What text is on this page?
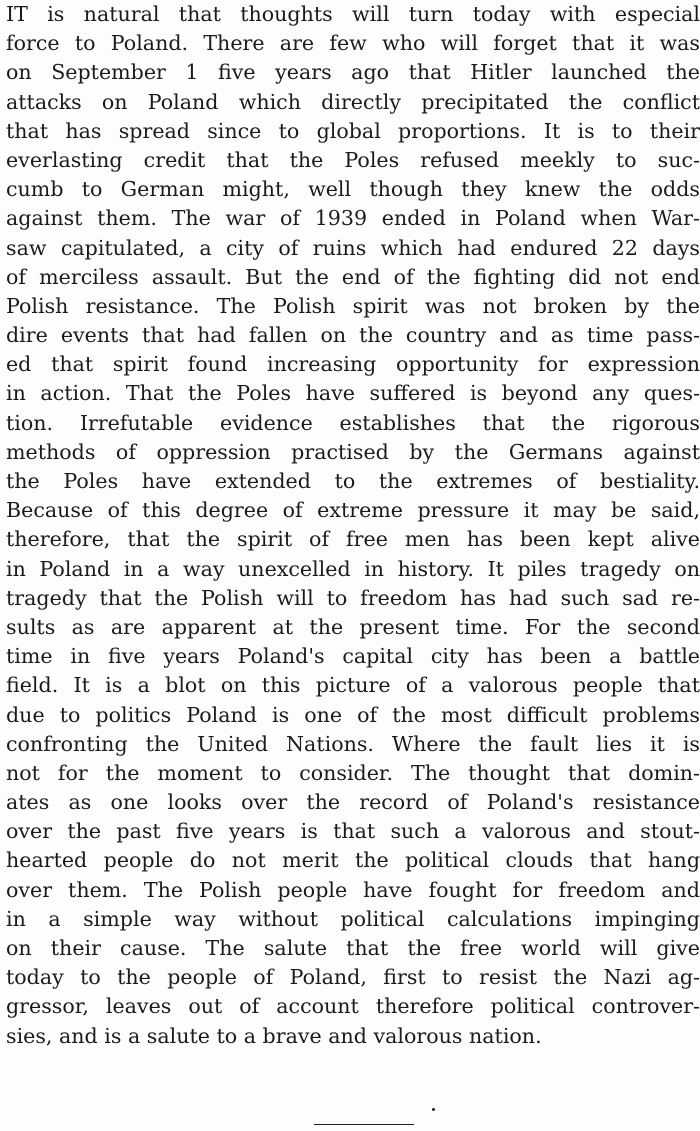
IT is natural that thoughts will turn today with especial
force to Poland. There are few who will forget that it was
on September 1 five years ago that Hitler launched the
attacks on Poland which directly precipitated the conflict
that has spread since to global proportions. It is to their
everlasting credit that the Poles refused meekly to suc-
cumb to German might, well though they knew the odds
against them. The war of 1939 ended in Poland when War-
saw capitulated, a city of ruins which had endured 22 days
of merciless assault. But the end of the fighting did not end
Polish resistance. The Polish spirit was not broken by the
dire events that had fallen on the country and as time pass-
ed that spirit found increasing opportunity for expression
in action. That the Poles have suffered is beyond any ques-
tion. Irrefutable evidence establishes that the rigorous
methods of oppression practised by the Germans against
the Poles have extended to the extremes of bestiality.
Because of this degree of extreme pressure it may be said,
therefore, that the spirit of free men has been kept alive
in Poland in a way unexcelled in history. It piles tragedy on
tragedy that the Polish will to freedom has had such sad re-
sults as are apparent at the present time. For the second
time in five years Poland's capital city has been a battle
field. It is a blot on this picture of a valorous people that
due to politics Poland is one of the most difficult problems
confronting the United Nations. Where the fault lies it is
not for the moment to consider. The thought that domin-
ates as one looks over the record of Poland's resistance
over the past five years is that such a valorous and stout-
hearted people do not merit the political clouds that hang
over them. The Polish people have fought for freedom and
in a simple way without political calculations impinging
on their cause. The salute that the free world will give
today to the people of Poland, first to resist the Nazi ag-
gressor, leaves out of account therefore political controver-
sies, and is a salute to a brave and valorous nation.
